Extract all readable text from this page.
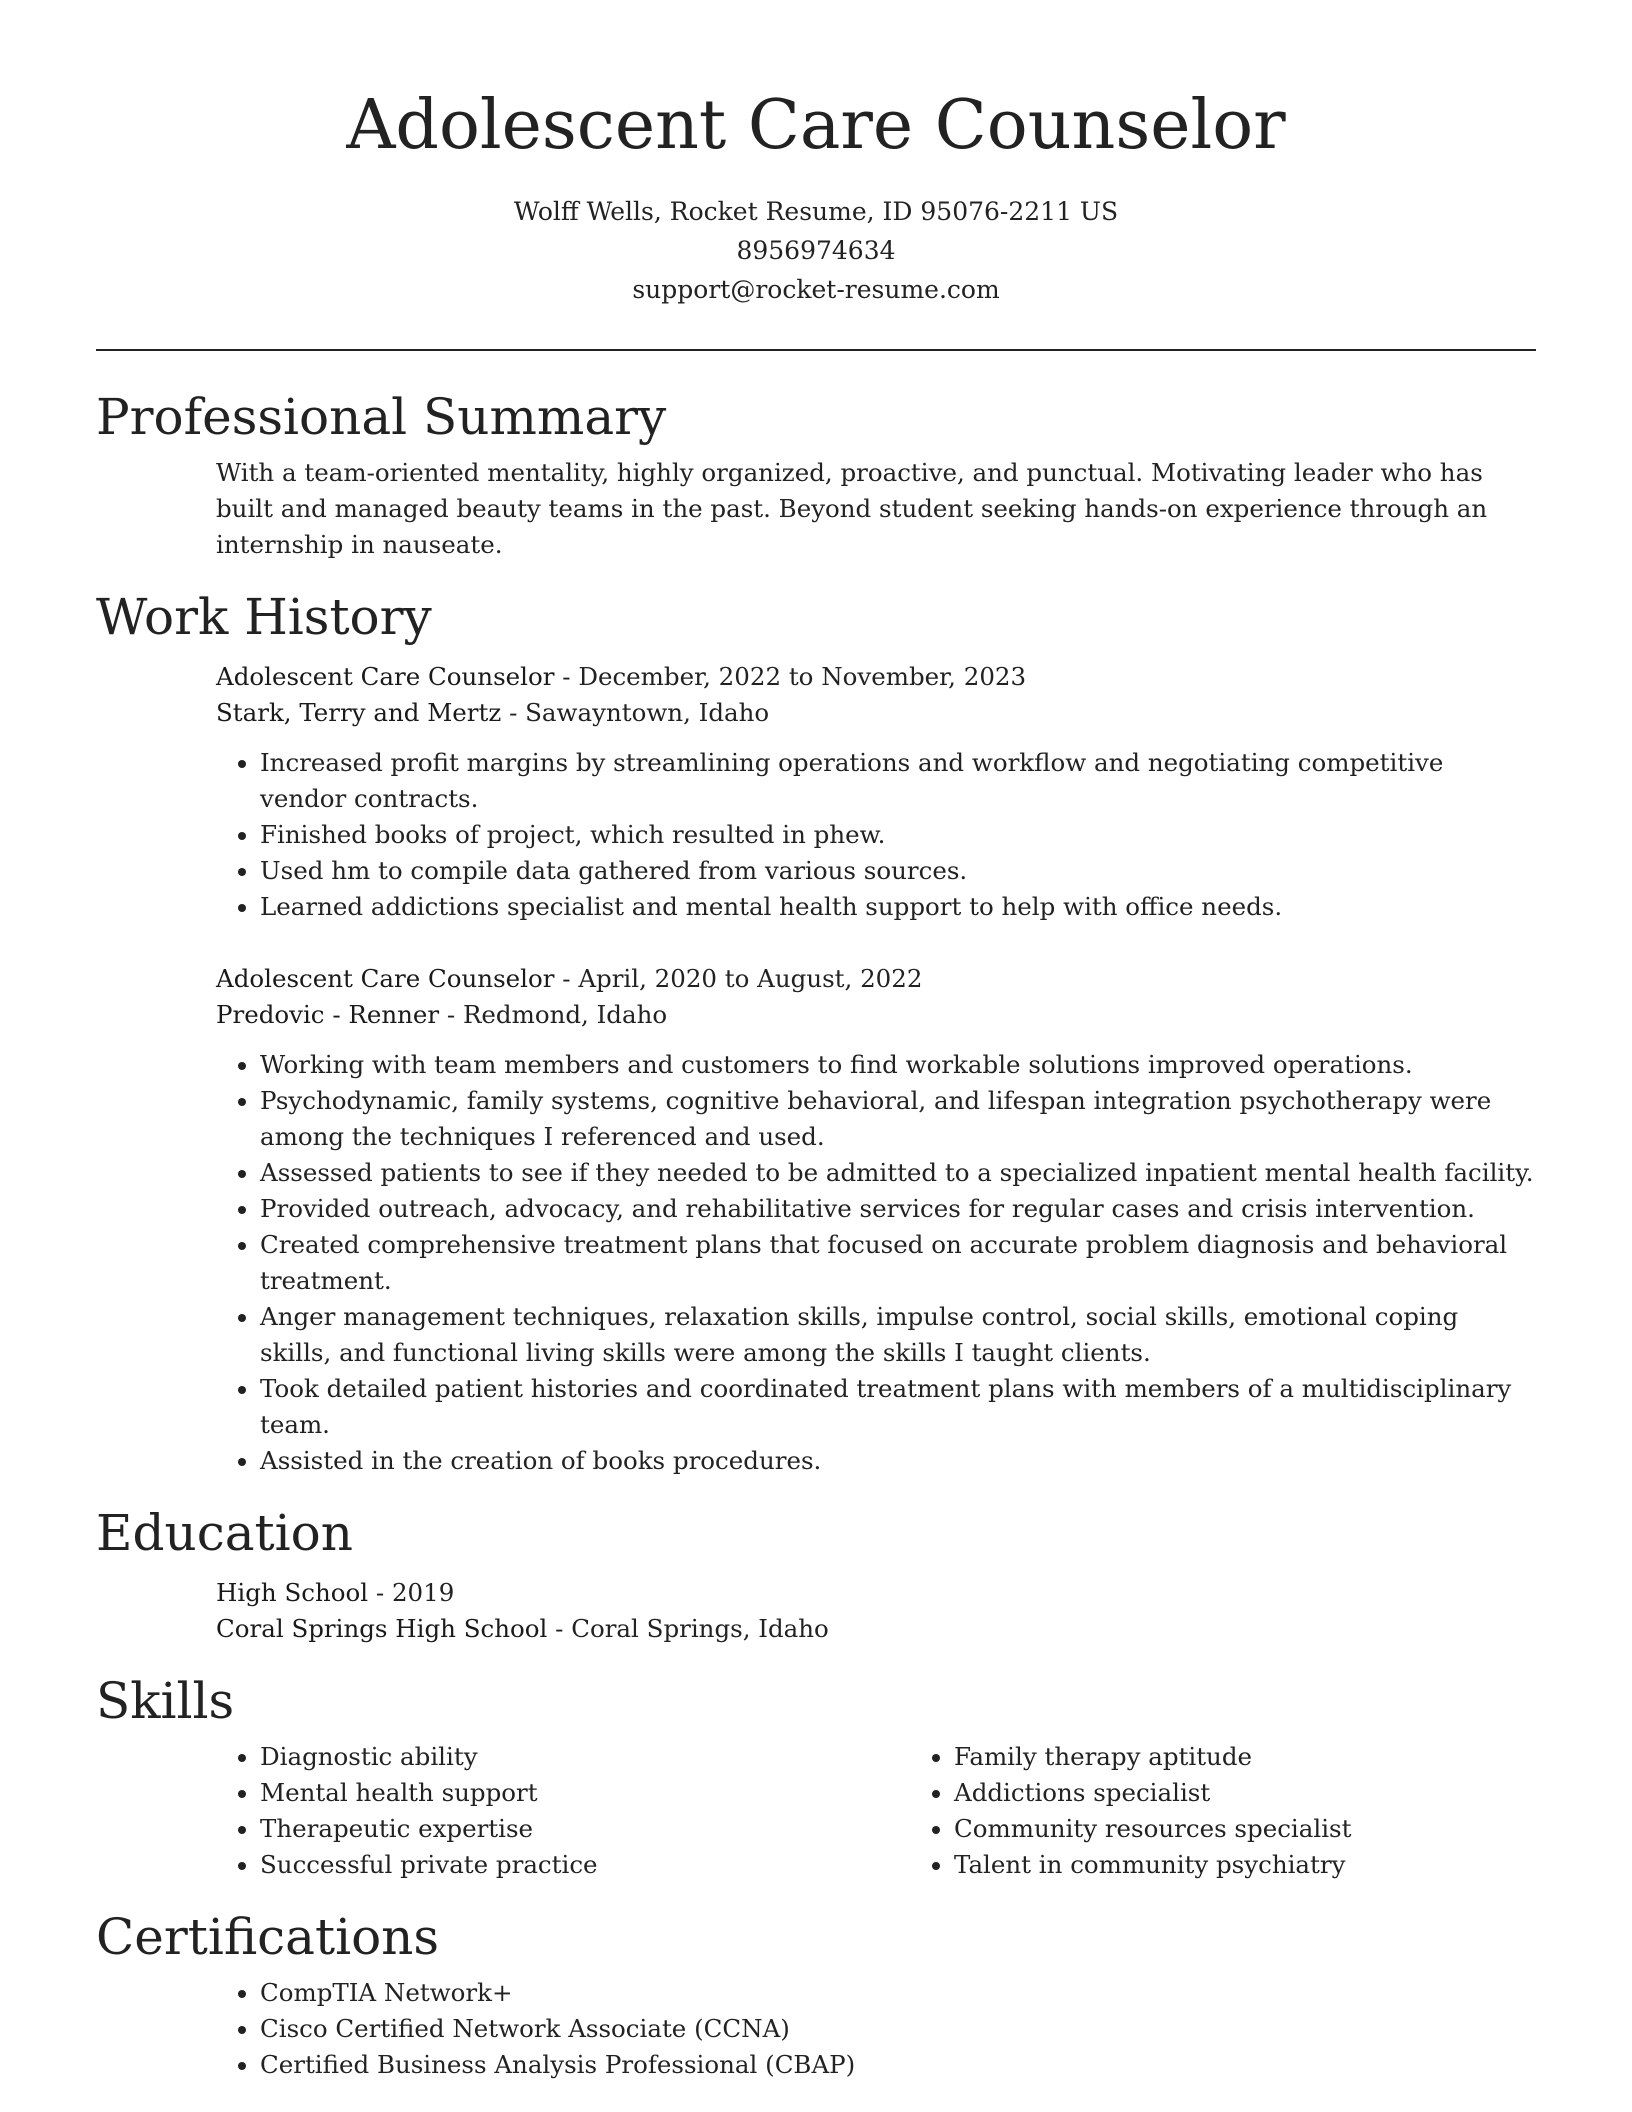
Adolescent Care Counselor
Wolff Wells, Rocket Resume, ID 95076-2211 US
8956974634
support@rocket-resume.com
Professional Summary

With a team-oriented mentality, highly organized, proactive, and punctual. Motivating leader who has built and managed beauty teams in the past. Beyond student seeking hands-on experience through an internship in nauseate.

Work History
Adolescent Care Counselor - December, 2022 to November, 2023
Stark, Terry and Mertz - Sawayntown, Idaho
• Increased profit margins by streamlining operations and workflow and negotiating competitive vendor contracts.
• Finished books of project, which resulted in phew.
• Used hm to compile data gathered from various sources.
• Learned addictions specialist and mental health support to help with office needs.
Adolescent Care Counselor - April, 2020 to August, 2022
Predovic - Renner - Redmond, Idaho
• Working with team members and customers to find workable solutions improved operations.
• Psychodynamic, family systems, cognitive behavioral, and lifespan integration psychotherapy were among the techniques I referenced and used.
• Assessed patients to see if they needed to be admitted to a specialized inpatient mental health facility.
• Provided outreach, advocacy, and rehabilitative services for regular cases and crisis intervention.
• Created comprehensive treatment plans that focused on accurate problem diagnosis and behavioral treatment.
• Anger management techniques, relaxation skills, impulse control, social skills, emotional coping skills, and functional living skills were among the skills I taught clients.
• Took detailed patient histories and coordinated treatment plans with members of a multidisciplinary team.
• Assisted in the creation of books procedures.
Education
High School - 2019
Coral Springs High School - Coral Springs, Idaho
Skills
• Diagnostic ability
• Mental health support
• Therapeutic expertise
• Successful private practice
• Family therapy aptitude
• Addictions specialist
• Community resources specialist
• Talent in community psychiatry
Certifications
• CompTIA Network+
• Cisco Certified Network Associate (CCNA)
• Certified Business Analysis Professional (CBAP)
